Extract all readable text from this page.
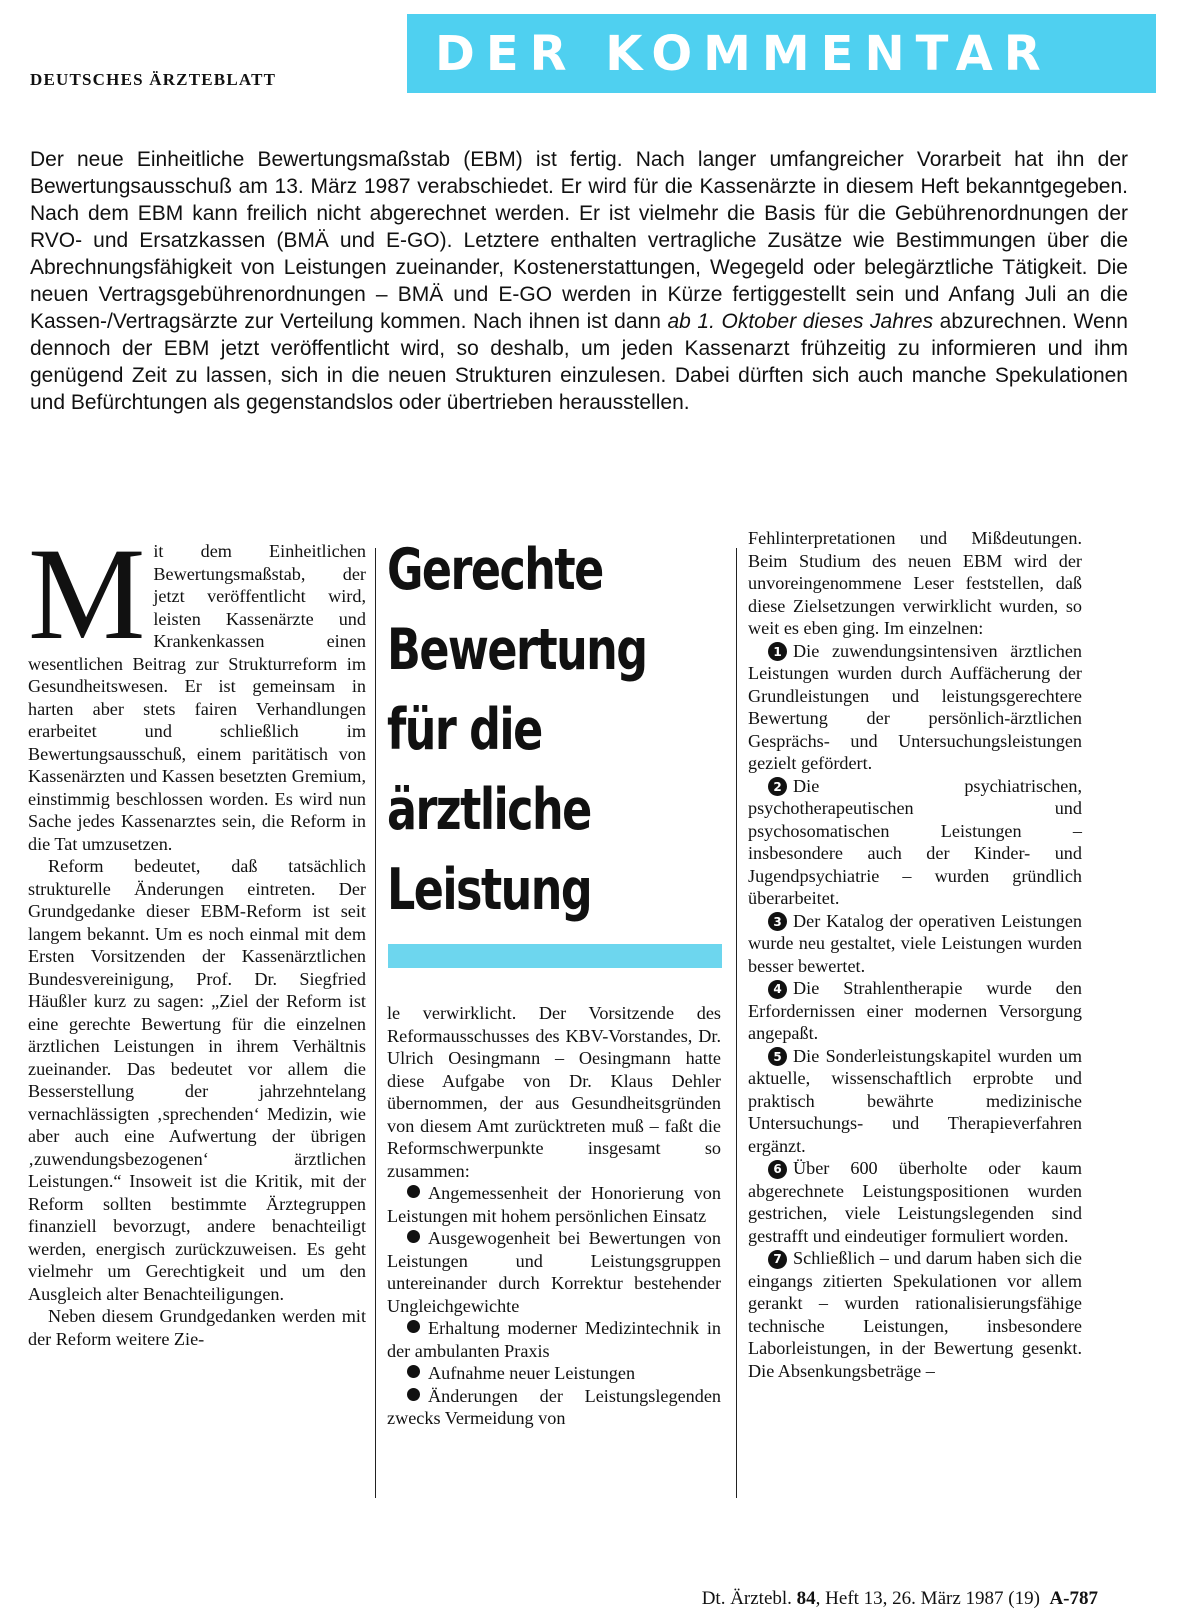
DEUTSCHES ÄRZTEBLATT	DER KOMMENTAR
Der neue Einheitliche Bewertungsmaßstab (EBM) ist fertig. Nach langer umfangreicher Vorarbeit hat ihn der Bewertungsausschuß am 13. März 1987 verabschiedet. Er wird für die Kassenärzte in diesem Heft bekanntgegeben. Nach dem EBM kann freilich nicht abgerechnet werden. Er ist vielmehr die Basis für die Gebührenordnungen der RVO- und Ersatzkassen (BMÄ und E-GO). Letztere enthalten vertragliche Zusätze wie Bestimmungen über die Abrechnungsfähigkeit von Leistungen zueinander, Kostenerstattungen, Wegegeld oder belegärztliche Tätigkeit. Die neuen Vertragsgebührenordnungen – BMÄ und E-GO werden in Kürze fertiggestellt sein und Anfang Juli an die Kassen-/Vertragsärzte zur Verteilung kommen. Nach ihnen ist dann ab 1. Oktober dieses Jahres abzurechnen. Wenn dennoch der EBM jetzt veröffentlicht wird, so deshalb, um jeden Kassenarzt frühzeitig zu informieren und ihm genügend Zeit zu lassen, sich in die neuen Strukturen einzulesen. Dabei dürften sich auch manche Spekulationen und Befürchtungen als gegenstandslos oder übertrieben herausstellen.

Mit dem Einheitlichen Bewertungsmaßstab, der jetzt veröffentlicht wird, leisten Kassenärzte und Krankenkassen einen wesentlichen Beitrag zur Strukturreform im Gesundheitswesen. Er ist gemeinsam in harten aber stets fairen Verhandlungen erarbeitet und schließlich im Bewertungsausschuß, einem paritätisch von Kassenärzten und Kassen besetzten Gremium, einstimmig beschlossen worden. Es wird nun Sache jedes Kassenarztes sein, die Reform in die Tat umzusetzen.

Reform bedeutet, daß tatsächlich strukturelle Änderungen eintreten. Der Grundgedanke dieser EBM-Reform ist seit langem bekannt. Um es noch einmal mit dem Ersten Vorsitzenden der Kassenärztlichen Bundesvereinigung, Prof. Dr. Siegfried Häußler kurz zu sagen: „Ziel der Reform ist eine gerechte Bewertung für die einzelnen ärztlichen Leistungen in ihrem Verhältnis zueinander. Das bedeutet vor allem die Besserstellung der jahrzehntelang vernachlässigten ‚sprechenden‘ Medizin, wie aber auch eine Aufwertung der übrigen ‚zuwendungsbezogenen‘ ärztlichen Leistungen.“ Insoweit ist die Kritik, mit der Reform sollten bestimmte Ärztegruppen finanziell bevorzugt, andere benachteiligt werden, energisch zurückzuweisen. Es geht vielmehr um Gerechtigkeit und um den Ausgleich alter Benachteiligungen.

Neben diesem Grundgedanken werden mit der Reform weitere Zie-

Gerechte
Bewertung
für die
ärztliche
Leistung

le verwirklicht. Der Vorsitzende des Reformausschusses des KBV-Vorstandes, Dr. Ulrich Oesingmann – Oesingmann hatte diese Aufgabe von Dr. Klaus Dehler übernommen, der aus Gesundheitsgründen von diesem Amt zurücktreten muß – faßt die Reformschwerpunkte insgesamt so zusammen:

Angemessenheit der Honorierung von Leistungen mit hohem persönlichen Einsatz
Ausgewogenheit bei Bewertungen von Leistungen und Leistungsgruppen untereinander durch Korrektur bestehender Ungleichgewichte
Erhaltung moderner Medizintechnik in der ambulanten Praxis
Aufnahme neuer Leistungen
Änderungen der Leistungslegenden zwecks Vermeidung von

Fehlinterpretationen und Mißdeutungen. Beim Studium des neuen EBM wird der unvoreingenommene Leser feststellen, daß diese Zielsetzungen verwirklicht wurden, so weit es eben ging. Im einzelnen:

1 Die zuwendungsintensiven ärztlichen Leistungen wurden durch Auffächerung der Grundleistungen und leistungsgerechtere Bewertung der persönlich-ärztlichen Gesprächs- und Untersuchungsleistungen gezielt gefördert.

2 Die psychiatrischen, psychotherapeutischen und psychosomatischen Leistungen – insbesondere auch der Kinder- und Jugendpsychiatrie – wurden gründlich überarbeitet.

3 Der Katalog der operativen Leistungen wurde neu gestaltet, viele Leistungen wurden besser bewertet.

4 Die Strahlentherapie wurde den Erfordernissen einer modernen Versorgung angepaßt.

5 Die Sonderleistungskapitel wurden um aktuelle, wissenschaftlich erprobte und praktisch bewährte medizinische Untersuchungs- und Therapieverfahren ergänzt.

6 Über 600 überholte oder kaum abgerechnete Leistungspositionen wurden gestrichen, viele Leistungslegenden sind gestrafft und eindeutiger formuliert worden.

7 Schließlich – und darum haben sich die eingangs zitierten Spekulationen vor allem gerankt – wurden rationalisierungsfähige technische Leistungen, insbesondere Laborleistungen, in der Bewertung gesenkt. Die Absenkungsbeträge –

Dt. Ärztebl. 84, Heft 13, 26. März 1987 (19) A-787
